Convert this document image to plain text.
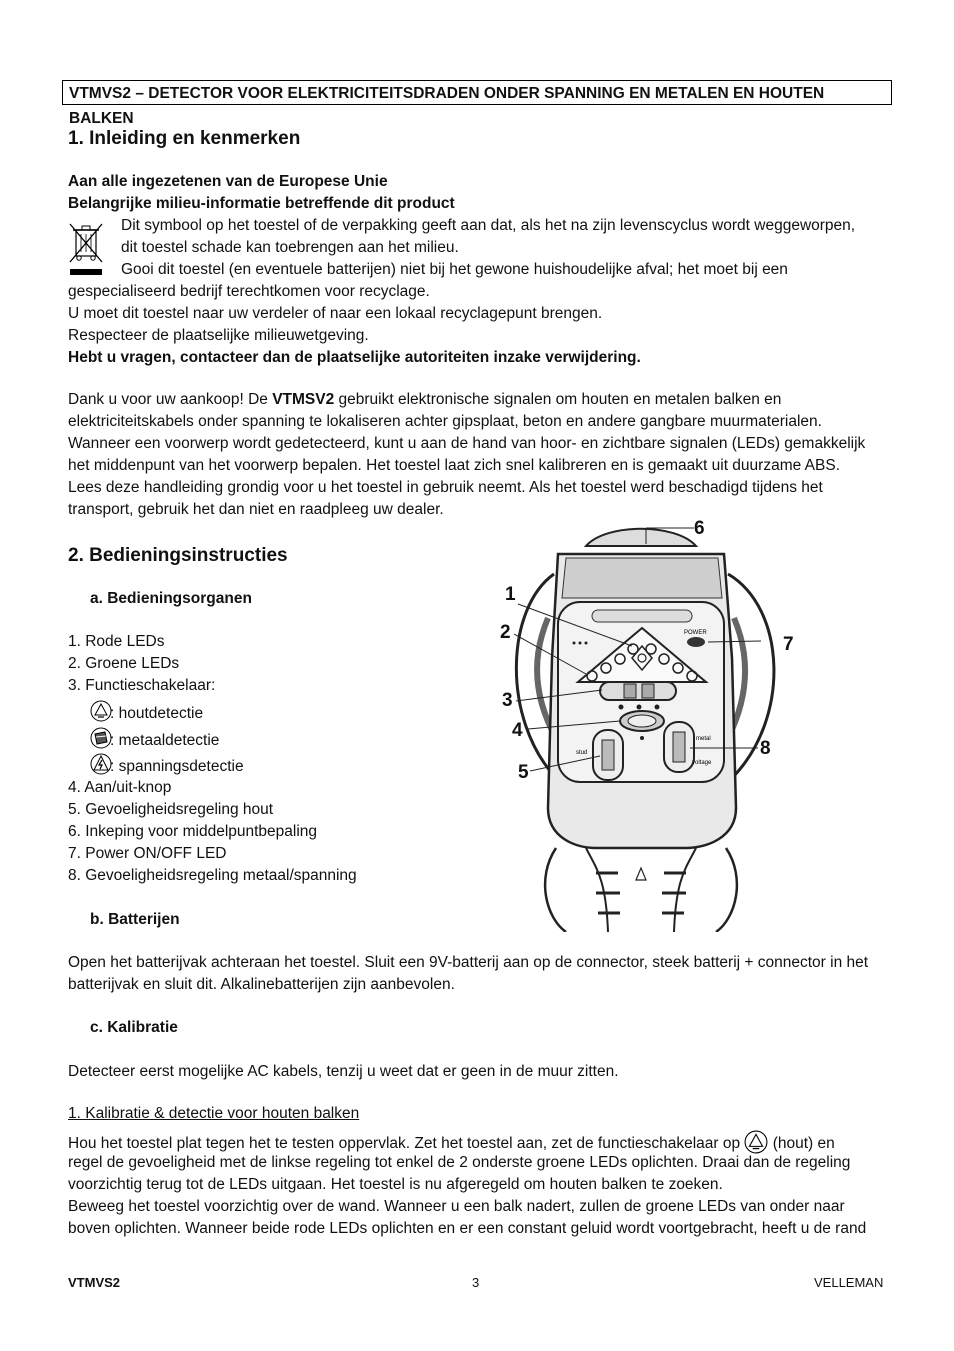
VTMVS2 – DETECTOR VOOR ELEKTRICITEITSDRADEN ONDER SPANNING EN METALEN EN HOUTEN BALKEN
1. Inleiding en kenmerken
Aan alle ingezetenen van de Europese Unie
Belangrijke milieu-informatie betreffende dit product
Dit symbool op het toestel of de verpakking geeft aan dat, als het na zijn levenscyclus wordt weggeworpen,
dit toestel schade kan toebrengen aan het milieu.
Gooi dit toestel (en eventuele batterijen) niet bij het gewone huishoudelijke afval; het moet bij een
gespecialiseerd bedrijf terechtkomen voor recyclage.
U moet dit toestel naar uw verdeler of naar een lokaal recyclagepunt brengen.
Respecteer de plaatselijke milieuwetgeving.
Hebt u vragen, contacteer dan de plaatselijke autoriteiten inzake verwijdering.
Dank u voor uw aankoop! De VTMSV2 gebruikt elektronische signalen om houten en metalen balken en
elektriciteitskabels onder spanning te lokaliseren achter gipsplaat, beton en andere gangbare muurmaterialen.
Wanneer een voorwerp wordt gedetecteerd, kunt u aan de hand van hoor- en zichtbare signalen (LEDs) gemakkelijk
het middenpunt van het voorwerp bepalen. Het toestel laat zich snel kalibreren en is gemaakt uit duurzame ABS.
Lees deze handleiding grondig voor u het toestel in gebruik neemt. Als het toestel werd beschadigd tijdens het
transport, gebruik het dan niet en raadpleeg uw dealer.
2. Bedieningsinstructies
a. Bedieningsorganen
1. Rode LEDs
2. Groene LEDs
3. Functieschakelaar:
: houtdetectie
: metaaldetectie
: spanningsdetectie
4. Aan/uit-knop
5. Gevoeligheidsregeling hout
6. Inkeping voor middelpuntbepaling
7. Power ON/OFF LED
8. Gevoeligheidsregeling metaal/spanning
b. Batterijen
POWER
stud
metal
voltage
1
2
3
4
5
6
7
8
Open het batterijvak achteraan het toestel. Sluit een 9V-batterij aan op de connector, steek batterij + connector in het
batterijvak en sluit dit. Alkalinebatterijen zijn aanbevolen.
c. Kalibratie
Detecteer eerst mogelijke AC kabels, tenzij u weet dat er geen in de muur zitten.
1. Kalibratie & detectie voor houten balken
Hou het toestel plat tegen het te testen oppervlak. Zet het toestel aan, zet de functieschakelaar op  (hout) en
regel de gevoeligheid met de linkse regeling tot enkel de 2 onderste groene LEDs oplichten. Draai dan de regeling
voorzichtig terug tot de LEDs uitgaan. Het toestel is nu afgeregeld om houten balken te zoeken.
Beweeg het toestel voorzichtig over de wand. Wanneer u een balk nadert, zullen de groene LEDs van onder naar
boven oplichten. Wanneer beide rode LEDs oplichten en er een constant geluid wordt voortgebracht, heeft u de rand
VTMVS2	3	VELLEMAN
